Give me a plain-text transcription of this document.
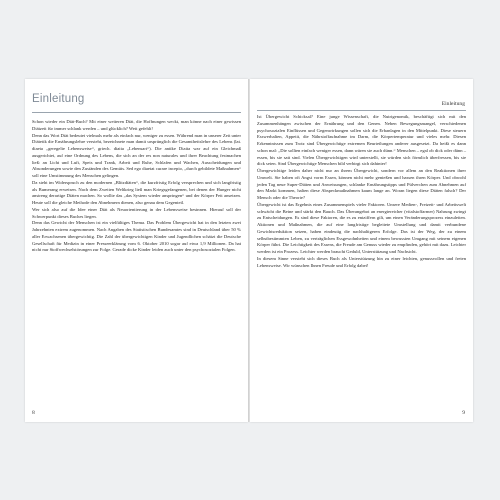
Einleitung

Schon wieder ein Diät-Buch? Mit einer weiteren Diät, die Hoffnungen weckt, man könne nach einer gewissen Diätzeit für immer schlank werden – und glücklich? Weit gefehlt!

Denn das Wort Diät bedeutet vielmals mehr als einfach nur, weniger zu essen. Während man in unserer Zeit unter Diätetik die Ernährungslehre versteht, bezeichnete man damit ursprünglich die Gesamtheitslehre des Lebens (lat. diaeta „geregelte Lebensweise“, griech. diaita „Lebensart“). Die antike Diaita war auf ein Gleichmaß ausgerichtet, auf eine Ordnung des Lebens, die sich an der res non naturales und ihrer Beachtung festmachen ließ: an Licht und Luft, Speis und Trank, Arbeit und Ruhe, Schlafen und Wachen, Ausscheidungen und Absonderungen sowie den Zuständen des Gemüts. Sed ego diaetat curare incepio, „durch gebildete Maßnahmen“ soll eine Umstimmung des Menschen gelingen.

Da steht im Widerspruch zu den modernen „Blitzdiäten“, die kurzfristig Erfolg versprechen und sich langfristig als Bumerang erweisen. Nach dem Zweiten Weltkrieg ließ man Kriegsgefangenen, bei denen der Hunger nicht anstreng derartige Diäten machen. So wollte das „das System wieder anspringen“ und der Körper Fett ansetzen. Heute soll die gleiche Methode den Abnehmern dienen, also genau dem Gegenteil.

Wer sich also auf die Idee einer Diät als Neuorientierung in der Lebensweise besinnen. Hierauf soll der Schwerpunkt dieses Buches liegen.

Denn das Gewicht der Menschen ist ein vielfältiges Thema. Das Problem Übergewicht hat in den letzten zwei Jahrzehnten extrem zugenommen. Nach Angaben des Statistischen Bundesamtes sind in Deutschland über 50 % aller Erwachsenen übergewichtig. Die Zahl der übergewichtigen Kinder und Jugendlichen schätzt die Deutsche Gesellschaft für Medizin in einer Presseerklärung vom 6. Oktober 2010 sogar auf etwa 1,9 Millionen. Da hat nicht nur Stoffwechselstörungen zur Folge. Gerade dicke Kinder leiden auch unter den psychosozialen Folgen.

8
Einleitung

Ist Übergewicht Schicksal? Eine junge Wissenschaft, die Nutrigenomik, beschäftigt sich mit den Zusammenhängen zwischen der Ernährung und den Genen. Neben Bewegungsmangel, verschiedenen psychosozialen Einflüssen und Gegenwirkungen sollen sich die Erbanlagen in den Mittelpunkt. Diese steuern Esswerhalten, Appetit, die Nährstoffaufnahme im Darm, die Körpertemperatur und vieles mehr. Diesen Erkenntnissen zum Trotz sind Übergewichtige extremen Beurteilungen anderer ausgesetzt. Da heißt es dann schon mal: „Die sollten einfach weniger essen, dann wären sie auch dünn.“ Menschen – egal ob dick oder dünn – essen, bis sie satt sind. Vielen Übergewichtigen wird unterstellt, sie würden sich förmlich überfressen, bis sie dick seien. Sind Übergewichtige Menschen bild verbirgt sich dahinter!

Übergewichtige leiden daher nicht nur an ihrem Übergewicht, sondern vor allem an den Reaktionen ihrer Umwelt. Sie haben oft Angst vorm Essen, können nicht mehr genießen und hassen ihren Körper. Und obwohl jeden Tag neue Super-Diäten und Anweisungen, schlanke Ernährungstipps und Pülverchen zum Abnehmen auf den Markt kommen, halten diese Abspeckmaßnahmen kaum lange an. Woran liegen diese Diäten falsch? Der Mensch oder die Theorie?

Übergewicht ist das Ergebnis eines Zusammenspiels vieler Faktoren. Unsere Medien-, Freizeit- und Arbeitswelt schwächt die Beine und stärkt den Bauch. Das Überangebot an energiereicher (vitalstoffarmer) Nahrung zwingt zu Entscheidungen. Es sind diese Faktoren, die es zu entziffern gilt, um einen Veränderungsprozess einzuleiten. Aktionen und Maßnahmen, die auf eine langfristige begleitete Umstellung und damit verbundene Gewichtsreduktion setzen, haben eindeutig die nachhaltigeren Erfolge. Das ist der Weg, der zu einem selbstbestimmten Leben, zu verträglichen Essgewohnheiten und einem bewussten Umgang mit seinem eigenen Körper führt. Die Leichtigkeit des Essens, die Freude am Genuss wieder zu empfinden, gehört mit dazu. Leichter werden ist ein Prozess. Leichter werden braucht Geduld, Unterstützung und Nachsicht.

In diesem Sinne versteht sich dieses Buch als Unterstützung hin zu einer leichten, genussvollen und freien Lebensweise. Wir wünschen Ihnen Freude und Erfolg dabei!

9
